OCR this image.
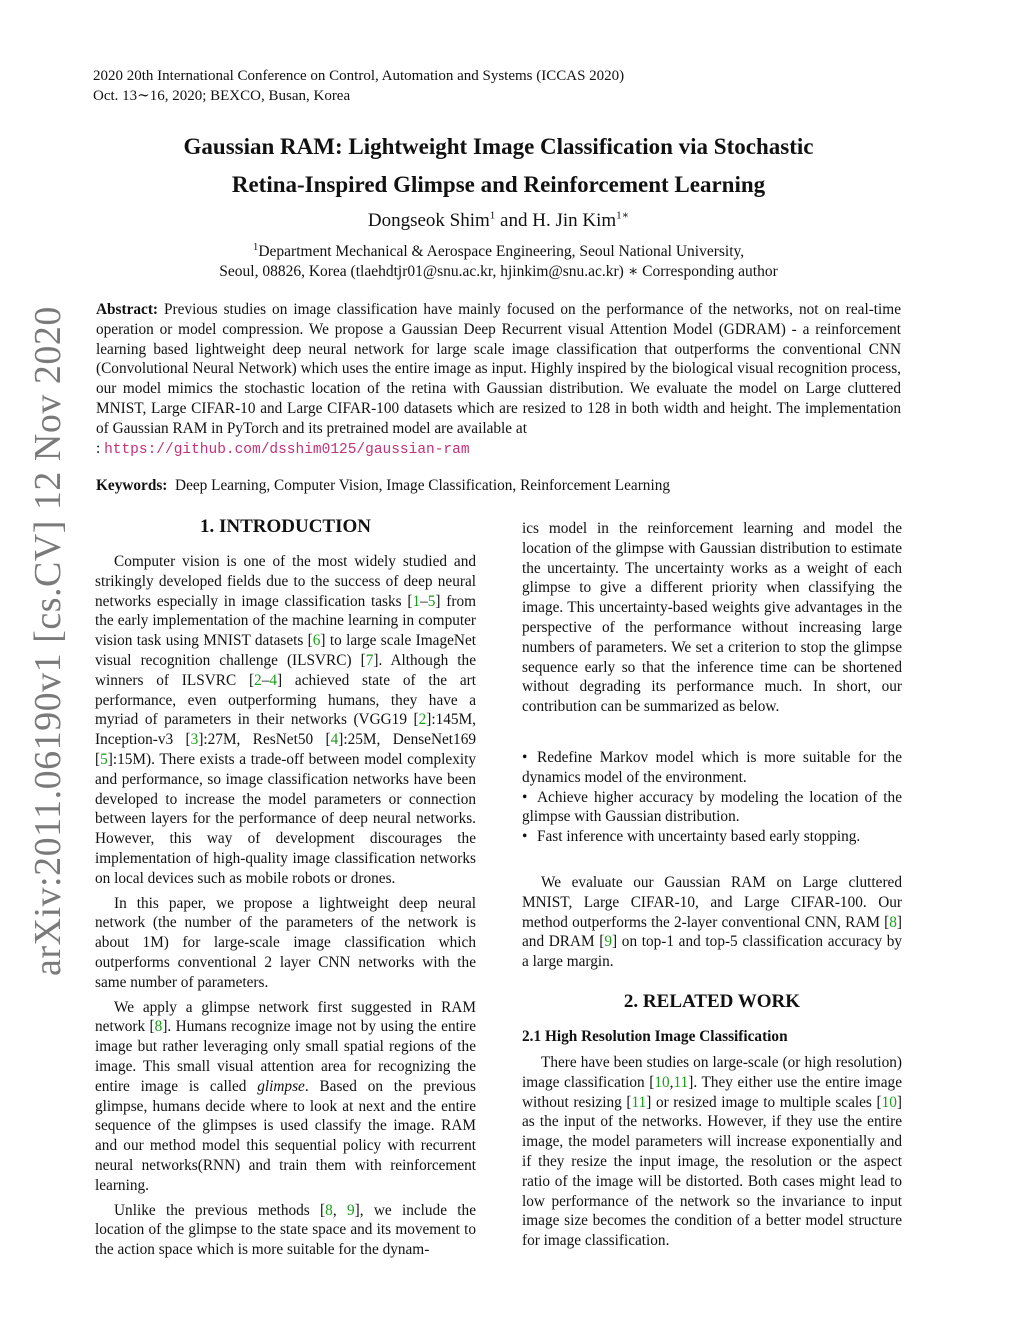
2020 20th International Conference on Control, Automation and Systems (ICCAS 2020)
Oct. 13∼16, 2020; BEXCO, Busan, Korea
arXiv:2011.06190v1 [cs.CV] 12 Nov 2020
Gaussian RAM: Lightweight Image Classification via Stochastic
Retina-Inspired Glimpse and Reinforcement Learning
Dongseok Shim$^1$ and H. Jin Kim$^{1∗}$
$^1$Department Mechanical & Aerospace Engineering, Seoul National University,
Seoul, 08826, Korea (tlaehdtjr01@snu.ac.kr, hjinkim@snu.ac.kr) ∗ Corresponding author
Abstract: Previous studies on image classification have mainly focused on the performance of the networks, not on real-time operation or model compression. We propose a Gaussian Deep Recurrent visual Attention Model (GDRAM) - a reinforcement learning based lightweight deep neural network for large scale image classification that outperforms the conventional CNN (Convolutional Neural Network) which uses the entire image as input. Highly inspired by the biological visual recognition process, our model mimics the stochastic location of the retina with Gaussian distribution. We evaluate the model on Large cluttered MNIST, Large CIFAR-10 and Large CIFAR-100 datasets which are resized to 128 in both width and height. The implementation of Gaussian RAM in PyTorch and its pretrained model are available at
: https://github.com/dsshim0125/gaussian-ram
Keywords: Deep Learning, Computer Vision, Image Classification, Reinforcement Learning
1. INTRODUCTION

Computer vision is one of the most widely studied and strikingly developed fields due to the success of deep neural networks especially in image classification tasks [1–5] from the early implementation of the machine learning in computer vision task using MNIST datasets [6] to large scale ImageNet visual recognition challenge (ILSVRC) [7]. Although the winners of ILSVRC [2–4] achieved state of the art performance, even outperforming humans, they have a myriad of parameters in their networks (VGG19 [2]:145M, Inception-v3 [3]:27M, ResNet50 [4]:25M, DenseNet169 [5]:15M). There exists a trade-off between model complexity and performance, so image classification networks have been developed to increase the model parameters or connection between layers for the performance of deep neural networks. However, this way of development discourages the implementation of high-quality image classification networks on local devices such as mobile robots or drones.

In this paper, we propose a lightweight deep neural network (the number of the parameters of the network is about 1M) for large-scale image classification which outperforms conventional 2 layer CNN networks with the same number of parameters.

We apply a glimpse network first suggested in RAM network [8]. Humans recognize image not by using the entire image but rather leveraging only small spatial regions of the image. This small visual attention area for recognizing the entire image is called glimpse. Based on the previous glimpse, humans decide where to look at next and the entire sequence of the glimpses is used classify the image. RAM and our method model this sequential policy with recurrent neural networks(RNN) and train them with reinforcement learning.

Unlike the previous methods [8, 9], we include the location of the glimpse to the state space and its movement to the action space which is more suitable for the dynam-

ics model in the reinforcement learning and model the location of the glimpse with Gaussian distribution to estimate the uncertainty. The uncertainty works as a weight of each glimpse to give a different priority when classifying the image. This uncertainty-based weights give advantages in the perspective of the performance without increasing large numbers of parameters. We set a criterion to stop the glimpse sequence early so that the inference time can be shortened without degrading its performance much. In short, our contribution can be summarized as below.

• Redefine Markov model which is more suitable for the dynamics model of the environment.
• Achieve higher accuracy by modeling the location of the glimpse with Gaussian distribution.
• Fast inference with uncertainty based early stopping.

We evaluate our Gaussian RAM on Large cluttered MNIST, Large CIFAR-10, and Large CIFAR-100. Our method outperforms the 2-layer conventional CNN, RAM [8] and DRAM [9] on top-1 and top-5 classification accuracy by a large margin.

2. RELATED WORK
2.1 High Resolution Image Classification

There have been studies on large-scale (or high resolution) image classification [10,11]. They either use the entire image without resizing [11] or resized image to multiple scales [10] as the input of the networks. However, if they use the entire image, the model parameters will increase exponentially and if they resize the input image, the resolution or the aspect ratio of the image will be distorted. Both cases might lead to low performance of the network so the invariance to input image size becomes the condition of a better model structure for image classification.
